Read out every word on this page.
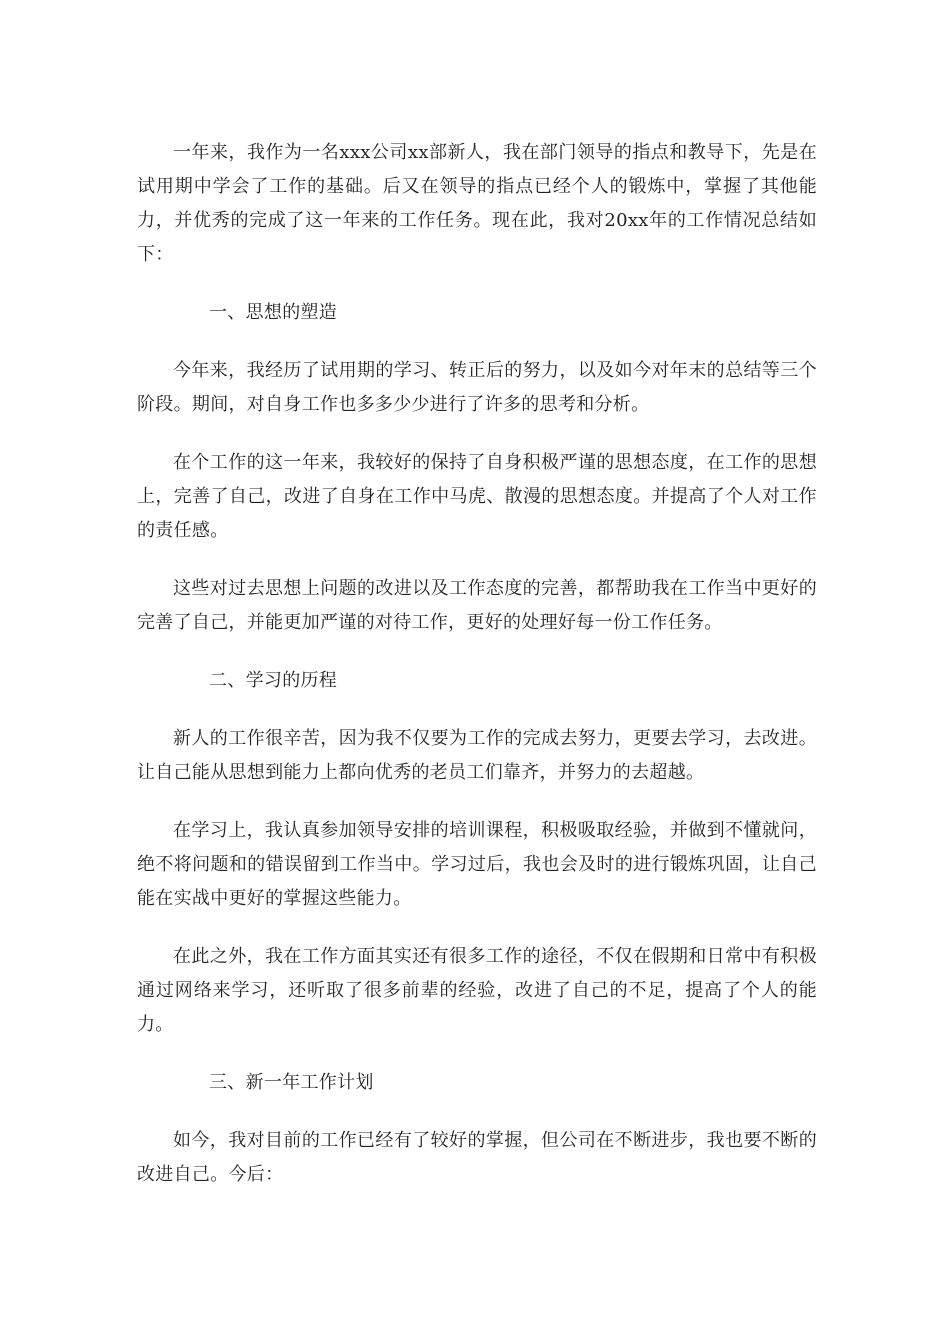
一年来，我作为一名xxx公司xx部新人，我在部门领导的指点和教导下，先是在试用期中学会了工作的基础。后又在领导的指点已经个人的锻炼中，掌握了其他能力，并优秀的完成了这一年来的工作任务。现在此，我对20xx年的工作情况总结如下：

一、思想的塑造

今年来，我经历了试用期的学习、转正后的努力，以及如今对年末的总结等三个阶段。期间，对自身工作也多多少少进行了许多的思考和分析。

在个工作的这一年来，我较好的保持了自身积极严谨的思想态度，在工作的思想上，完善了自己，改进了自身在工作中马虎、散漫的思想态度。并提高了个人对工作的责任感。

这些对过去思想上问题的改进以及工作态度的完善，都帮助我在工作当中更好的完善了自己，并能更加严谨的对待工作，更好的处理好每一份工作任务。

二、学习的历程

新人的工作很辛苦，因为我不仅要为工作的完成去努力，更要去学习，去改进。让自己能从思想到能力上都向优秀的老员工们靠齐，并努力的去超越。

在学习上，我认真参加领导安排的培训课程，积极吸取经验，并做到不懂就问，绝不将问题和的错误留到工作当中。学习过后，我也会及时的进行锻炼巩固，让自己能在实战中更好的掌握这些能力。

在此之外，我在工作方面其实还有很多工作的途径，不仅在假期和日常中有积极通过网络来学习，还听取了很多前辈的经验，改进了自己的不足，提高了个人的能力。

三、新一年工作计划

如今，我对目前的工作已经有了较好的掌握，但公司在不断进步，我也要不断的改进自己。今后：
